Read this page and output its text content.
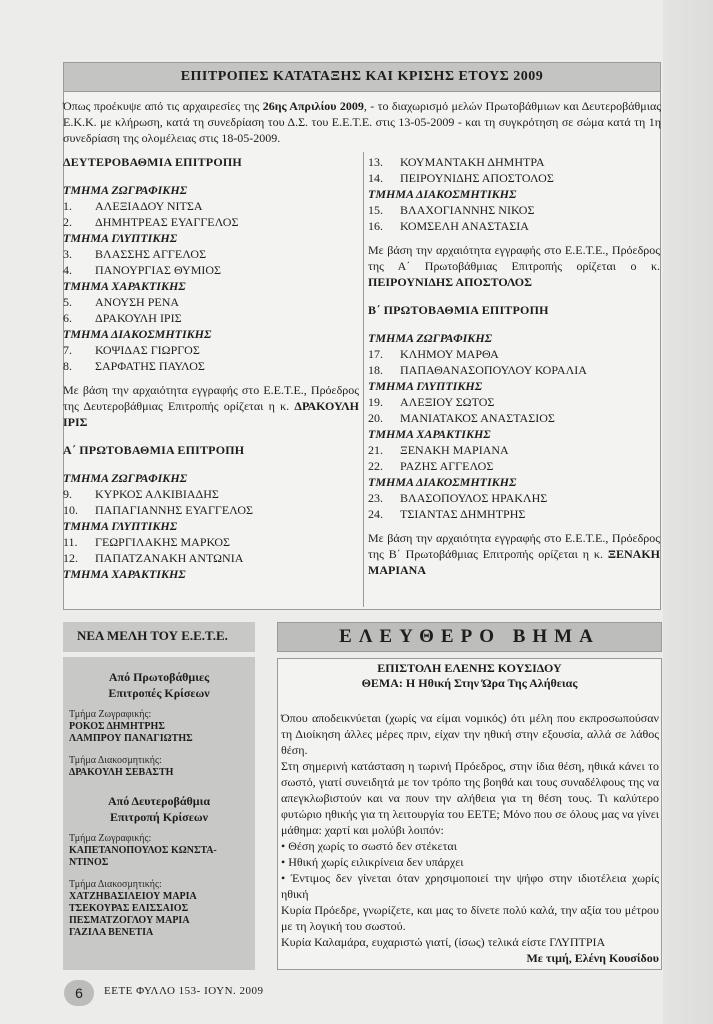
ΕΠΙΤΡΟΠΕΣ ΚΑΤΑΤΑΞΗΣ ΚΑΙ ΚΡΙΣΗΣ ΕΤΟΥΣ 2009
Όπως προέκυψε από τις αρχαιρεσίες της 26ης Απριλίου 2009, - το διαχωρισμό μελών Πρωτοβάθμιων και Δευτεροβάθμιας Ε.Κ.Κ. με κλήρωση, κατά τη συνεδρίαση του Δ.Σ. του Ε.Ε.Τ.Ε. στις 13-05-2009 - και τη συγκρότηση σε σώμα κατά τη 1η συνεδρίαση της ολομέλειας στις 18-05-2009.
ΔΕΥΤΕΡΟΒΑΘΜΙΑ ΕΠΙΤΡΟΠΗ
ΤΜΗΜΑ ΖΩΓΡΑΦΙΚΗΣ
1.	ΑΛΕΞΙΑΔΟΥ ΝΙΤΣΑ
2.	ΔΗΜΗΤΡΕΑΣ ΕΥΑΓΓΕΛΟΣ
ΤΜΗΜΑ ΓΛΥΠΤΙΚΗΣ
3.	ΒΛΑΣΣΗΣ ΑΓΓΕΛΟΣ
4.	ΠΑΝΟΥΡΓΙΑΣ ΘΥΜΙΟΣ
ΤΜΗΜΑ ΧΑΡΑΚΤΙΚΗΣ
5.	ΑΝΟΥΣΗ ΡΕΝΑ
6.	ΔΡΑΚΟΥΛΗ ΙΡΙΣ
ΤΜΗΜΑ ΔΙΑΚΟΣΜΗΤΙΚΗΣ
7.	ΚΟΨΙΔΑΣ ΓΙΩΡΓΟΣ
8.	ΣΑΡΦΑΤΗΣ ΠΑΥΛΟΣ
Με βάση την αρχαιότητα εγγραφής στο Ε.Ε.Τ.Ε., Πρόεδρος της Δευτεροβάθμιας Επιτροπής ορίζεται η κ. ΔΡΑΚΟΥΛΗ ΙΡΙΣ
Α΄ ΠΡΩΤΟΒΑΘΜΙΑ ΕΠΙΤΡΟΠΗ
ΤΜΗΜΑ ΖΩΓΡΑΦΙΚΗΣ
9.	ΚΥΡΚΟΣ ΑΛΚΙΒΙΑΔΗΣ
10.	ΠΑΠΑΓΙΑΝΝΗΣ ΕΥΑΓΓΕΛΟΣ
ΤΜΗΜΑ ΓΛΥΠΤΙΚΗΣ
11.	ΓΕΩΡΓΙΛΑΚΗΣ ΜΑΡΚΟΣ
12.	ΠΑΠΑΤΖΑΝΑΚΗ ΑΝΤΩΝΙΑ
ΤΜΗΜΑ ΧΑΡΑΚΤΙΚΗΣ
13.	ΚΟΥΜΑΝΤΑΚΗ ΔΗΜΗΤΡΑ
14.	ΠΕΙΡΟΥΝΙΔΗΣ ΑΠΟΣΤΟΛΟΣ
ΤΜΗΜΑ ΔΙΑΚΟΣΜΗΤΙΚΗΣ
15.	ΒΛΑΧΟΓΙΑΝΝΗΣ ΝΙΚΟΣ
16.	ΚΟΜΣΕΛΗ ΑΝΑΣΤΑΣΙΑ
Με βάση την αρχαιότητα εγγραφής στο Ε.Ε.Τ.Ε., Πρόεδρος της Α΄ Πρωτοβάθμιας Επιτροπής ορίζεται ο κ. ΠΕΙΡΟΥΝΙΔΗΣ ΑΠΟΣΤΟΛΟΣ
Β΄ ΠΡΩΤΟΒΑΘΜΙΑ ΕΠΙΤΡΟΠΗ
ΤΜΗΜΑ ΖΩΓΡΑΦΙΚΗΣ
17.	ΚΛΗΜΟΥ ΜΑΡΘΑ
18.	ΠΑΠΑΘΑΝΑΣΟΠΟΥΛΟΥ ΚΟΡΑΛΙΑ
ΤΜΗΜΑ ΓΛΥΠΤΙΚΗΣ
19.	ΑΛΕΞΙΟΥ ΣΩΤΟΣ
20.	ΜΑΝΙΑΤΑΚΟΣ ΑΝΑΣΤΑΣΙΟΣ
ΤΜΗΜΑ ΧΑΡΑΚΤΙΚΗΣ
21.	ΞΕΝΑΚΗ ΜΑΡΙΑΝΑ
22.	ΡΑΖΗΣ ΑΓΓΕΛΟΣ
ΤΜΗΜΑ ΔΙΑΚΟΣΜΗΤΙΚΗΣ
23.	ΒΛΑΣΟΠΟΥΛΟΣ ΗΡΑΚΛΗΣ
24.	ΤΣΙΑΝΤΑΣ ΔΗΜΗΤΡΗΣ
Με βάση την αρχαιότητα εγγραφής στο Ε.Ε.Τ.Ε., Πρόεδρος της Β΄ Πρωτοβάθμιας Επιτροπής ορίζεται η κ. ΞΕΝΑΚΗ ΜΑΡΙΑΝΑ
ΝΕΑ ΜΕΛΗ ΤΟΥ Ε.Ε.Τ.Ε.
Από Πρωτοβάθμιες
Επιτροπές Κρίσεων
Τμήμα Ζωγραφικής:
ΡΟΚΟΣ ΔΗΜΗΤΡΗΣ
ΛΑΜΠΡΟΥ ΠΑΝΑΓΙΩΤΗΣ
Τμήμα Διακοσμητικής:
ΔΡΑΚΟΥΛΗ ΣΕΒΑΣΤΗ
Από Δευτεροβάθμια
Επιτροπή Κρίσεων
Τμήμα Ζωγραφικής:
ΚΑΠΕΤΑΝΟΠΟΥΛΟΣ ΚΩΝΣΤΑ-
ΝΤΙΝΟΣ
Τμήμα Διακοσμητικής:
ΧΑΤΖΗΒΑΣΙΛΕΙΟΥ ΜΑΡΙΑ
ΤΣΕΚΟΥΡΑΣ ΕΛΙΣΣΑΙΟΣ
ΠΕΣΜΑΤΖΟΓΛΟΥ ΜΑΡΙΑ
ΓΑΖΙΛΑ ΒΕΝΕΤΙΑ
ΕΛΕΥΘΕΡΟ ΒΗΜΑ
ΕΠΙΣΤΟΛΗ ΕΛΕΝΗΣ ΚΟΥΣΙΔΟΥ
ΘΕΜΑ: Η Ηθική Στην Ώρα Της Αλήθειας

Όπου αποδεικνύεται (χωρίς να είμαι νομικός) ότι μέλη που εκπροσωπούσαν τη Διοίκηση άλλες μέρες πριν, είχαν την ηθική στην εξουσία, αλλά σε λάθος θέση.

Στη σημερινή κατάσταση η τωρινή Πρόεδρος, στην ίδια θέση, ηθικά κάνει το σωστό, γιατί συνειδητά με τον τρόπο της βοηθά και τους συναδέλφους της να απεγκλωβιστούν και να πουν την αλήθεια για τη θέση τους. Τι καλύτερο φυτώριο ηθικής για τη λειτουργία του ΕΕΤΕ; Μόνο που σε όλους μας να γίνει μάθημα: χαρτί και μολύβι λοιπόν:

• Θέση χωρίς το σωστό δεν στέκεται

• Ηθική χωρίς ειλικρίνεια δεν υπάρχει

• Έντιμος δεν γίνεται όταν χρησιμοποιεί την ψήφο στην ιδιοτέλεια χωρίς ηθική

Κυρία Πρόεδρε, γνωρίζετε, και μας το δίνετε πολύ καλά, την αξία του μέτρου με τη λογική του σωστού.

Κυρία Καλαμάρα, ευχαριστώ γιατί, (ίσως) τελικά είστε ΓΛΥΠΤΡΙΑ

Με τιμή, Ελένη Κουσίδου

6	ΕΕΤΕ ΦΥΛΛΟ 153- ΙΟΥΝ. 2009
